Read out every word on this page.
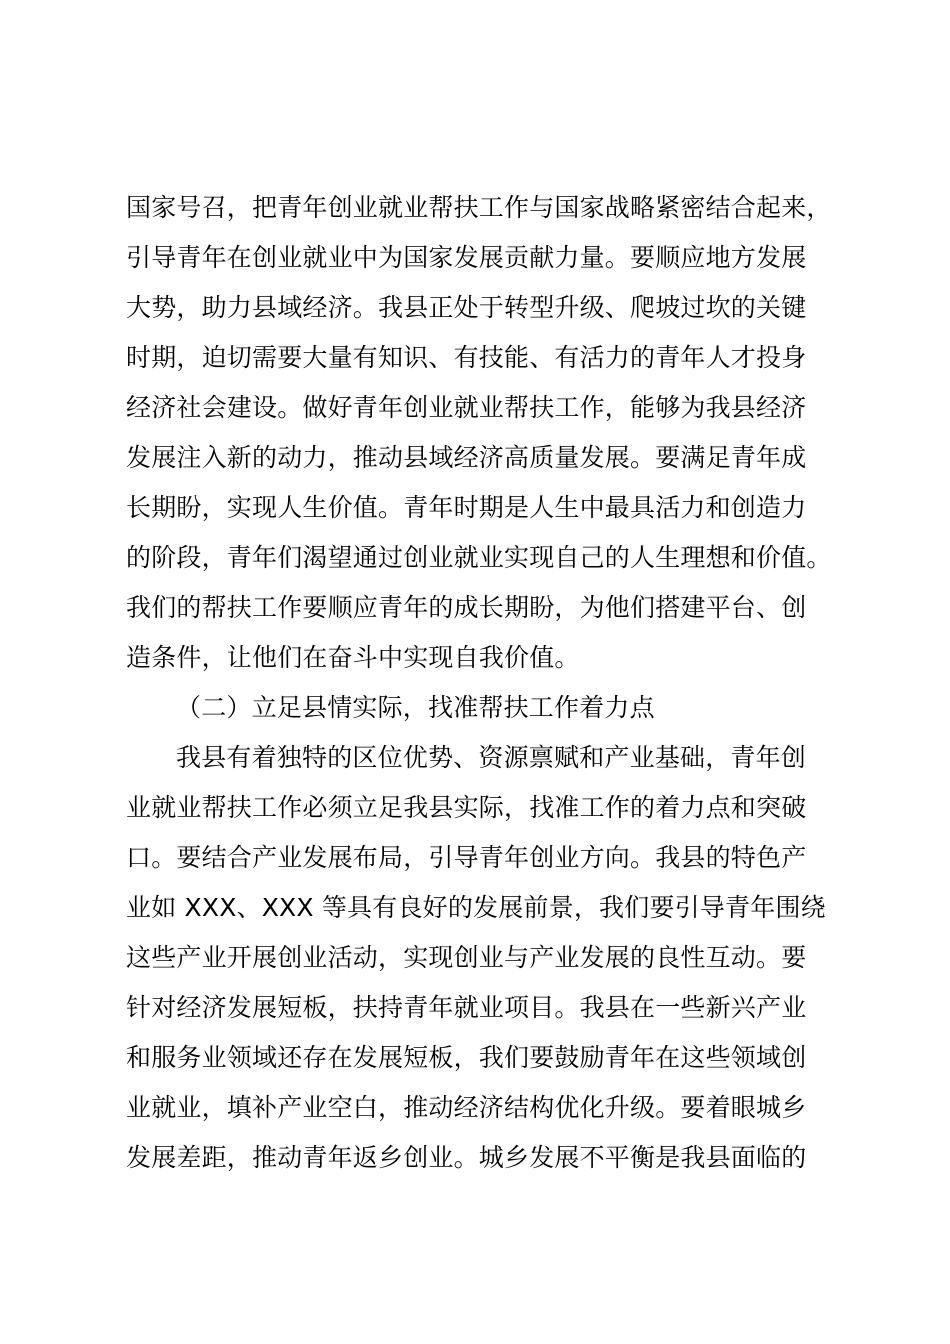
国家号召，把青年创业就业帮扶工作与国家战略紧密结合起来，
引导青年在创业就业中为国家发展贡献力量。要顺应地方发展
大势，助力县域经济。我县正处于转型升级、爬坡过坎的关键
时期，迫切需要大量有知识、有技能、有活力的青年人才投身
经济社会建设。做好青年创业就业帮扶工作，能够为我县经济
发展注入新的动力，推动县域经济高质量发展。要满足青年成
长期盼，实现人生价值。青年时期是人生中最具活力和创造力
的阶段，青年们渴望通过创业就业实现自己的人生理想和价值。
我们的帮扶工作要顺应青年的成长期盼，为他们搭建平台、创
造条件，让他们在奋斗中实现自我价值。
（二）立足县情实际，找准帮扶工作着力点
我县有着独特的区位优势、资源禀赋和产业基础，青年创
业就业帮扶工作必须立足我县实际，找准工作的着力点和突破
口。要结合产业发展布局，引导青年创业方向。我县的特色产
业如 XXX、XXX 等具有良好的发展前景，我们要引导青年围绕
这些产业开展创业活动，实现创业与产业发展的良性互动。要
针对经济发展短板，扶持青年就业项目。我县在一些新兴产业
和服务业领域还存在发展短板，我们要鼓励青年在这些领域创
业就业，填补产业空白，推动经济结构优化升级。要着眼城乡
发展差距，推动青年返乡创业。城乡发展不平衡是我县面临的
